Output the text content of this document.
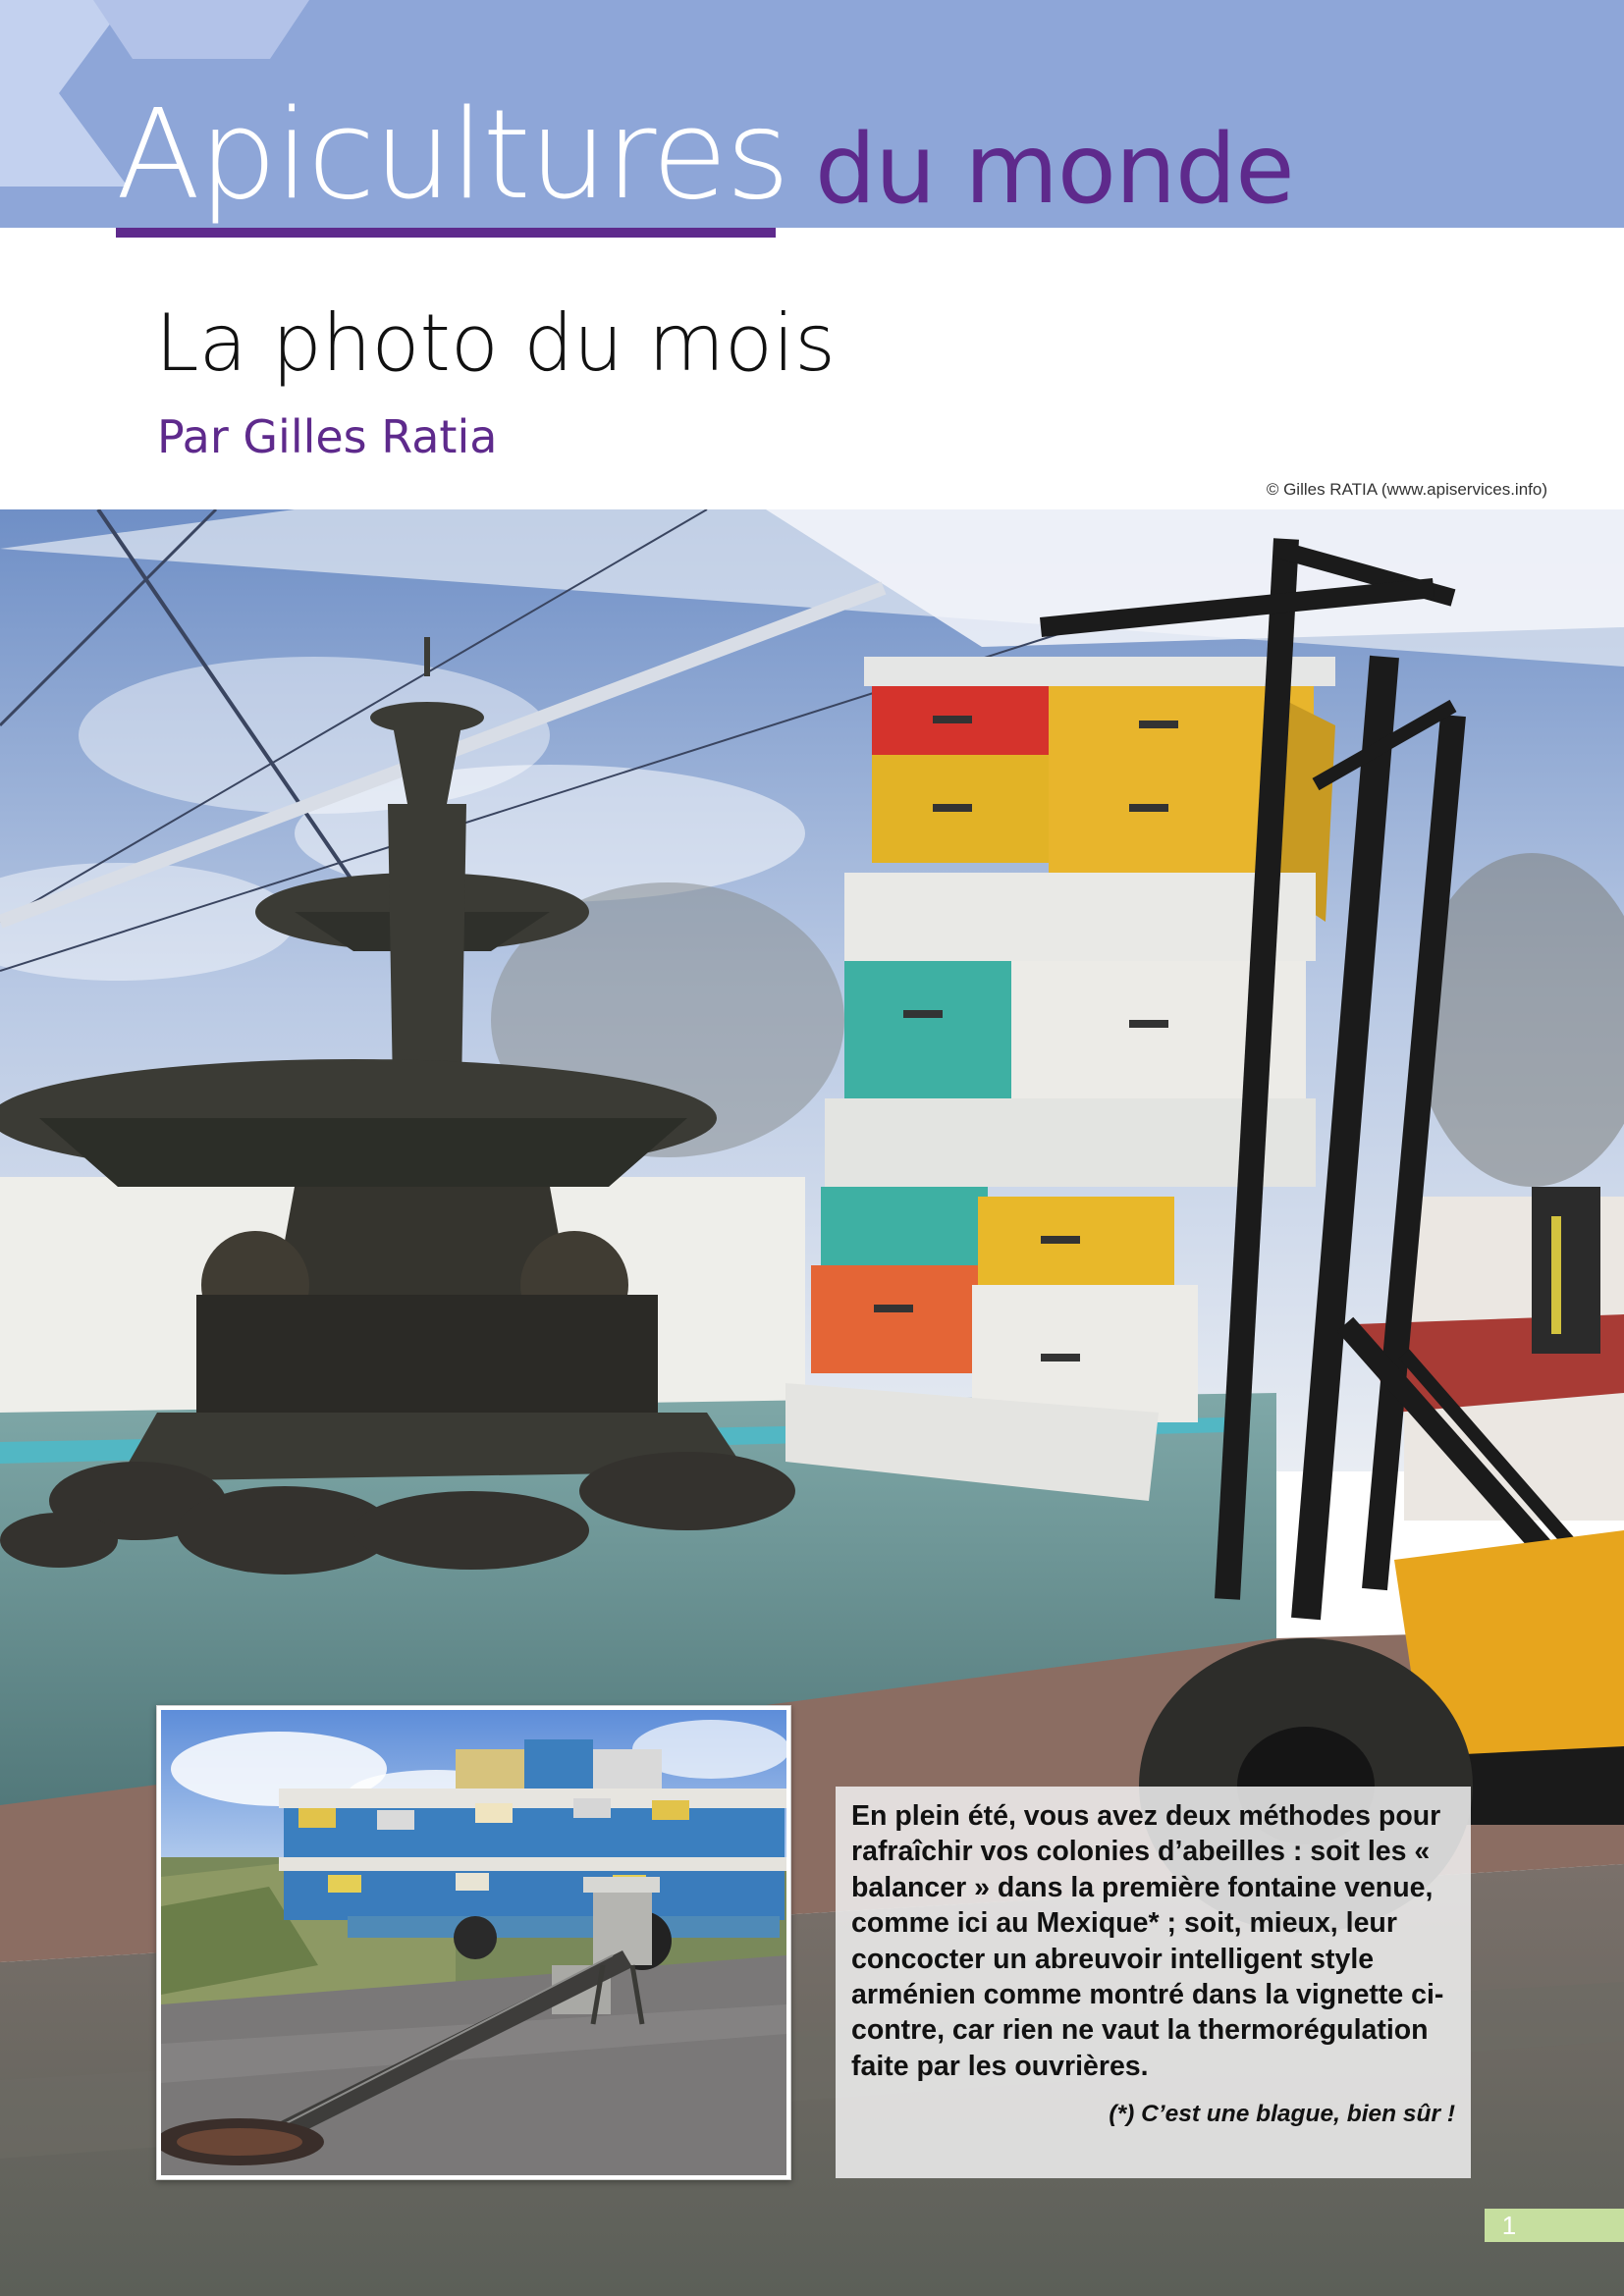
Apicultures du monde
La photo du mois
Par Gilles Ratia
© Gilles RATIA (www.apiservices.info)

En plein été, vous avez deux méthodes pour rafraîchir vos colonies d’abeilles : soit les « balancer » dans la première fontaine venue, comme ici au Mexique* ; soit, mieux, leur concocter un abreuvoir intelligent style arménien comme montré dans la vignette ci-contre, car rien ne vaut la thermorégulation faite par les ouvrières.

(*) C’est une blague, bien sûr !

1
